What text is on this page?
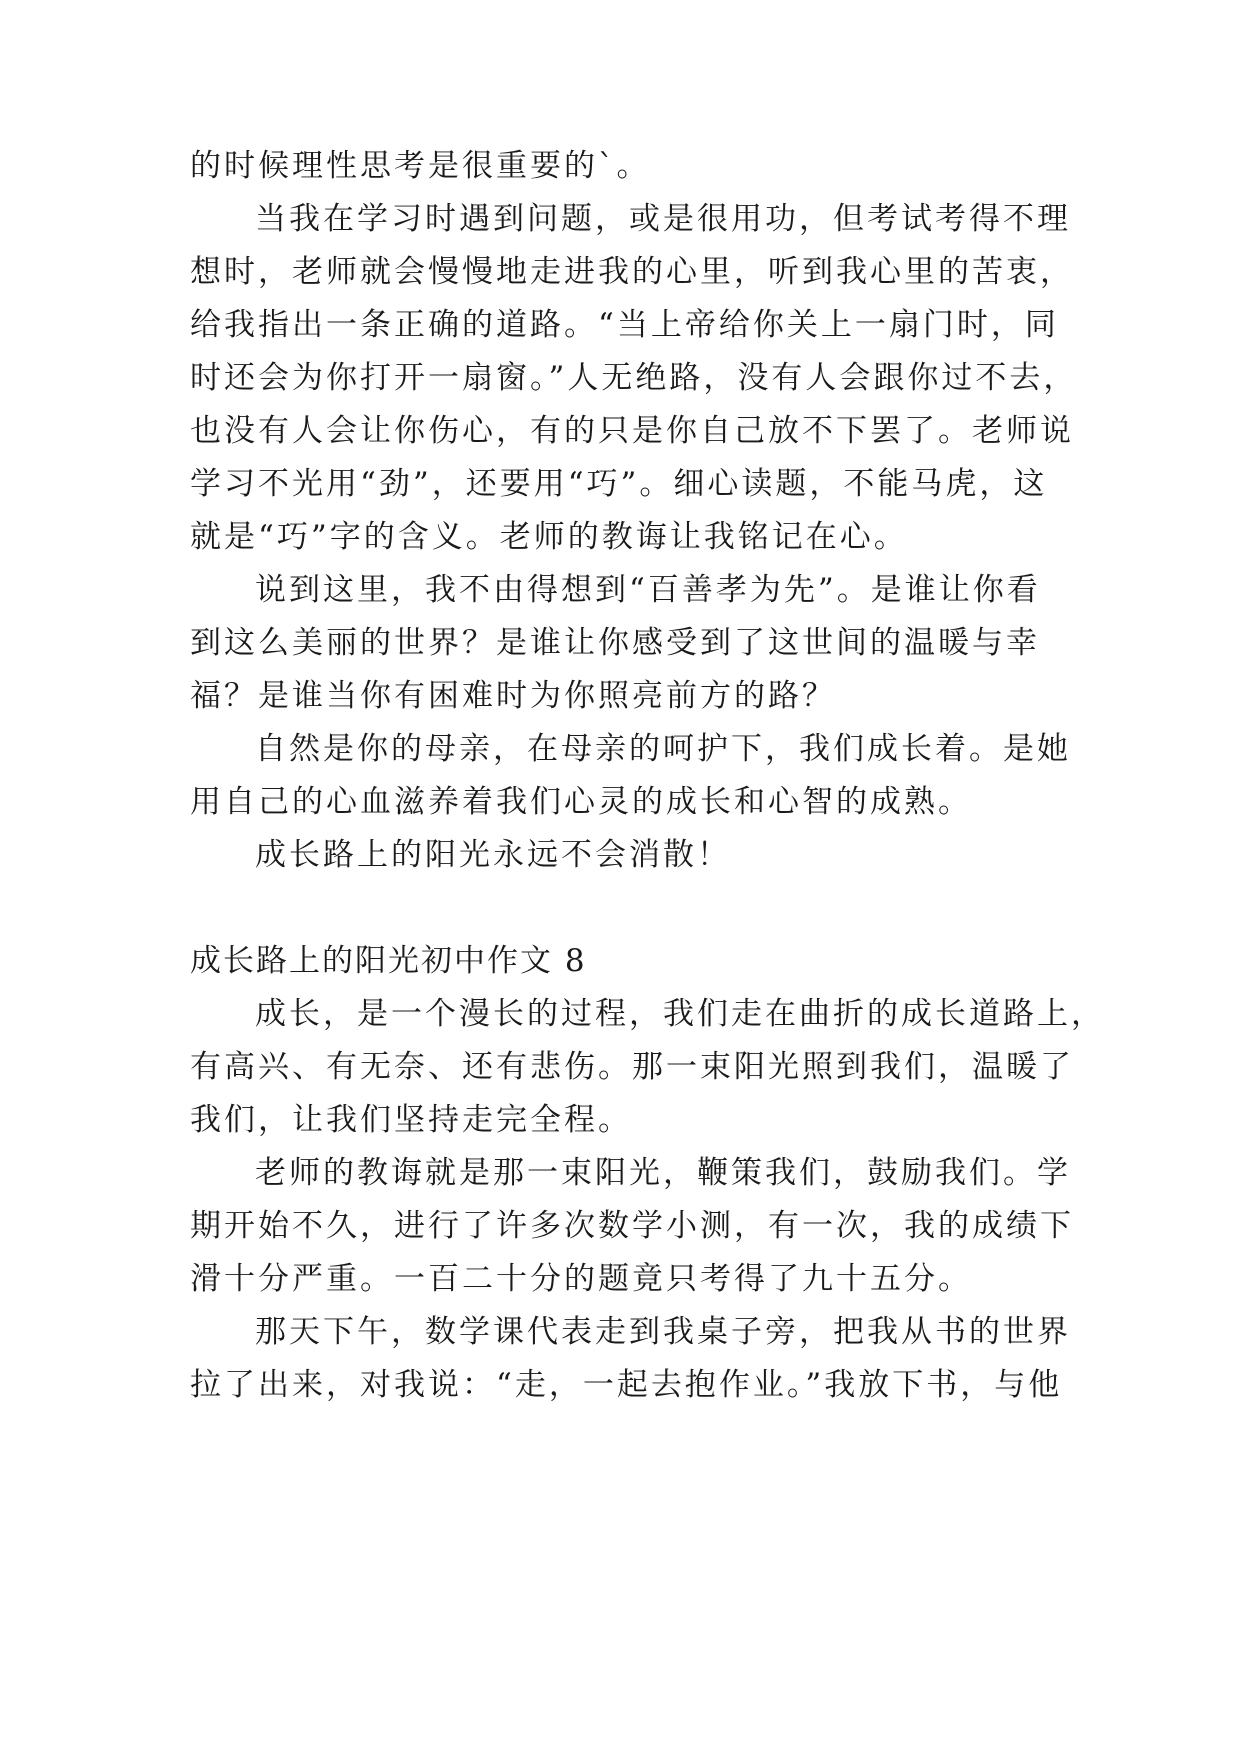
的时候理性思考是很重要的`。
当我在学习时遇到问题，或是很用功，但考试考得不理
想时，老师就会慢慢地走进我的心里，听到我心里的苦衷，
给我指出一条正确的道路。“当上帝给你关上一扇门时，同
时还会为你打开一扇窗。”人无绝路，没有人会跟你过不去，
也没有人会让你伤心，有的只是你自己放不下罢了。老师说
学习不光用“劲”，还要用“巧”。细心读题，不能马虎，这
就是“巧”字的含义。老师的教诲让我铭记在心。
说到这里，我不由得想到“百善孝为先”。是谁让你看
到这么美丽的世界？是谁让你感受到了这世间的温暖与幸
福？是谁当你有困难时为你照亮前方的路？
自然是你的母亲，在母亲的呵护下，我们成长着。是她
用自己的心血滋养着我们心灵的成长和心智的成熟。
成长路上的阳光永远不会消散！
成长路上的阳光初中作文 8
成长，是一个漫长的过程，我们走在曲折的成长道路上，
有高兴、有无奈、还有悲伤。那一束阳光照到我们，温暖了
我们，让我们坚持走完全程。
老师的教诲就是那一束阳光，鞭策我们，鼓励我们。学
期开始不久，进行了许多次数学小测，有一次，我的成绩下
滑十分严重。一百二十分的题竟只考得了九十五分。
那天下午，数学课代表走到我桌子旁，把我从书的世界
拉了出来，对我说：“走，一起去抱作业。”我放下书，与他
